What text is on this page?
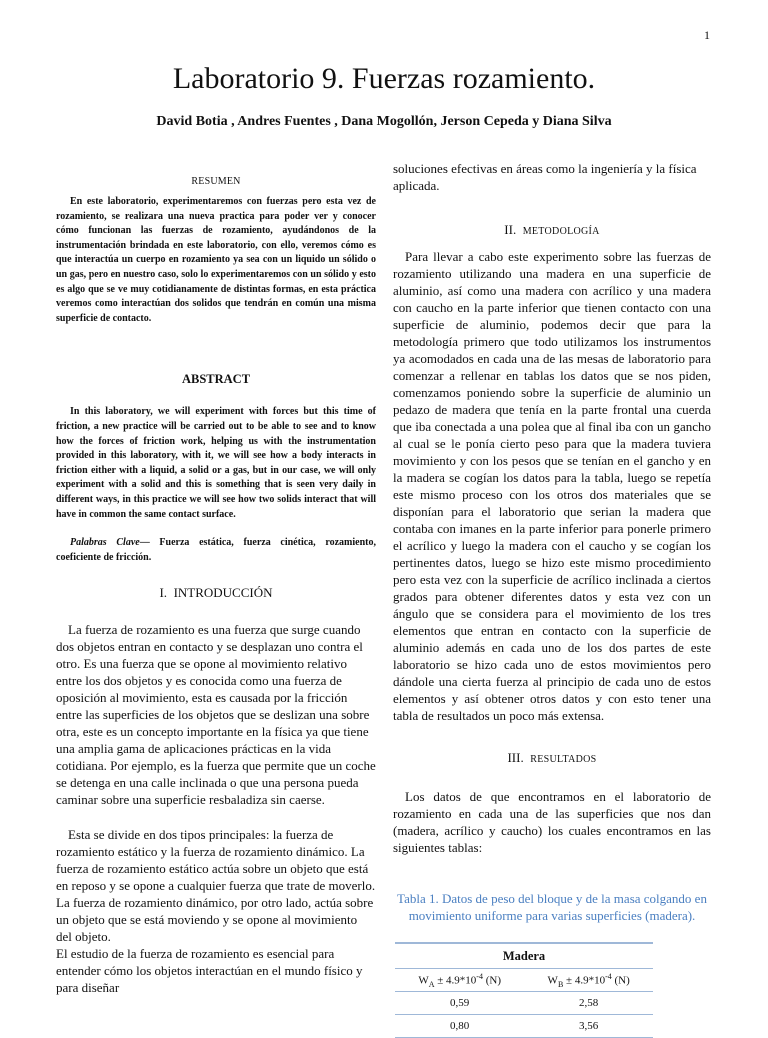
1
Laboratorio 9. Fuerzas rozamiento.
David Botia , Andres Fuentes , Dana Mogollón, Jerson Cepeda y Diana Silva
RESUMEN

En este laboratorio, experimentaremos con fuerzas pero esta vez de rozamiento, se realizara una nueva practica para poder ver y conocer cómo funcionan las fuerzas de rozamiento, ayudándonos de la instrumentación brindada en este laboratorio, con ello, veremos cómo es que interactúa un cuerpo en rozamiento ya sea con un liquido un sólido o un gas, pero en nuestro caso, solo lo experimentaremos con un sólido y esto es algo que se ve muy cotidianamente de distintas formas, en esta práctica veremos como interactúan dos solidos que tendrán en común una misma superficie de contacto.

ABSTRACT

In this laboratory, we will experiment with forces but this time of friction, a new practice will be carried out to be able to see and to know how the forces of friction work, helping us with the instrumentation provided in this laboratory, with it, we will see how a body interacts in friction either with a liquid, a solid or a gas, but in our case, we will only experiment with a solid and this is something that is seen very daily in different ways, in this practice we will see how two solids interact that will have in common the same contact surface.

Palabras Clave— Fuerza estática, fuerza cinética, rozamiento, coeficiente de fricción.

I. INTRODUCCIÓN

La fuerza de rozamiento es una fuerza que surge cuando dos objetos entran en contacto y se desplazan uno contra el otro. Es una fuerza que se opone al movimiento relativo entre los dos objetos y es conocida como una fuerza de oposición al movimiento, esta es causada por la fricción entre las superficies de los objetos que se deslizan una sobre otra, este es un concepto importante en la física ya que tiene una amplia gama de aplicaciones prácticas en la vida cotidiana. Por ejemplo, es la fuerza que permite que un coche se detenga en una calle inclinada o que una persona pueda caminar sobre una superficie resbaladiza sin caerse.

Esta se divide en dos tipos principales: la fuerza de rozamiento estático y la fuerza de rozamiento dinámico. La fuerza de rozamiento estático actúa sobre un objeto que está en reposo y se opone a cualquier fuerza que trate de moverlo. La fuerza de rozamiento dinámico, por otro lado, actúa sobre un objeto que se está moviendo y se opone al movimiento del objeto.

El estudio de la fuerza de rozamiento es esencial para entender cómo los objetos interactúan en el mundo físico y para diseñar

soluciones efectivas en áreas como la ingeniería y la física aplicada.

II. METODOLOGÍA

Para llevar a cabo este experimento sobre las fuerzas de rozamiento utilizando una madera en una superficie de aluminio, así como una madera con acrílico y una madera con caucho en la parte inferior que tienen contacto con una superficie de aluminio, podemos decir que para la metodología primero que todo utilizamos los instrumentos ya acomodados en cada una de las mesas de laboratorio para comenzar a rellenar en tablas los datos que se nos piden, comenzamos poniendo sobre la superficie de aluminio un pedazo de madera que tenía en la parte frontal una cuerda que iba conectada a una polea que al final iba con un gancho al cual se le ponía cierto peso para que la madera tuviera movimiento y con los pesos que se tenían en el gancho y en la madera se cogían los datos para la tabla, luego se repetía este mismo proceso con los otros dos materiales que se disponían para el laboratorio que serian la madera que contaba con imanes en la parte inferior para ponerle primero el acrílico y luego la madera con el caucho y se cogían los pertinentes datos, luego se hizo este mismo procedimiento pero esta vez con la superficie de acrílico inclinada a ciertos grados para obtener diferentes datos y esta vez con un ángulo que se considera para el movimiento de los tres elementos que entran en contacto con la superficie de aluminio además en cada uno de los dos partes de este laboratorio se hizo cada uno de estos movimientos pero dándole una cierta fuerza al principio de cada uno de estos elementos y así obtener otros datos y con esto tener una tabla de resultados un poco más extensa.

III. RESULTADOS

Los datos de que encontramos en el laboratorio de rozamiento en cada una de las superficies que nos dan (madera, acrílico y caucho) los cuales encontramos en las siguientes tablas:

Tabla 1. Datos de peso del bloque y de la masa colgando en movimiento uniforme para varias superficies (madera).
Madera	
$W_A \pm 4.9*10^{-4}$ (N)	$W_B \pm 4.9*10^{-4}$ (N)
0,59	2,58
0,80	3,56
